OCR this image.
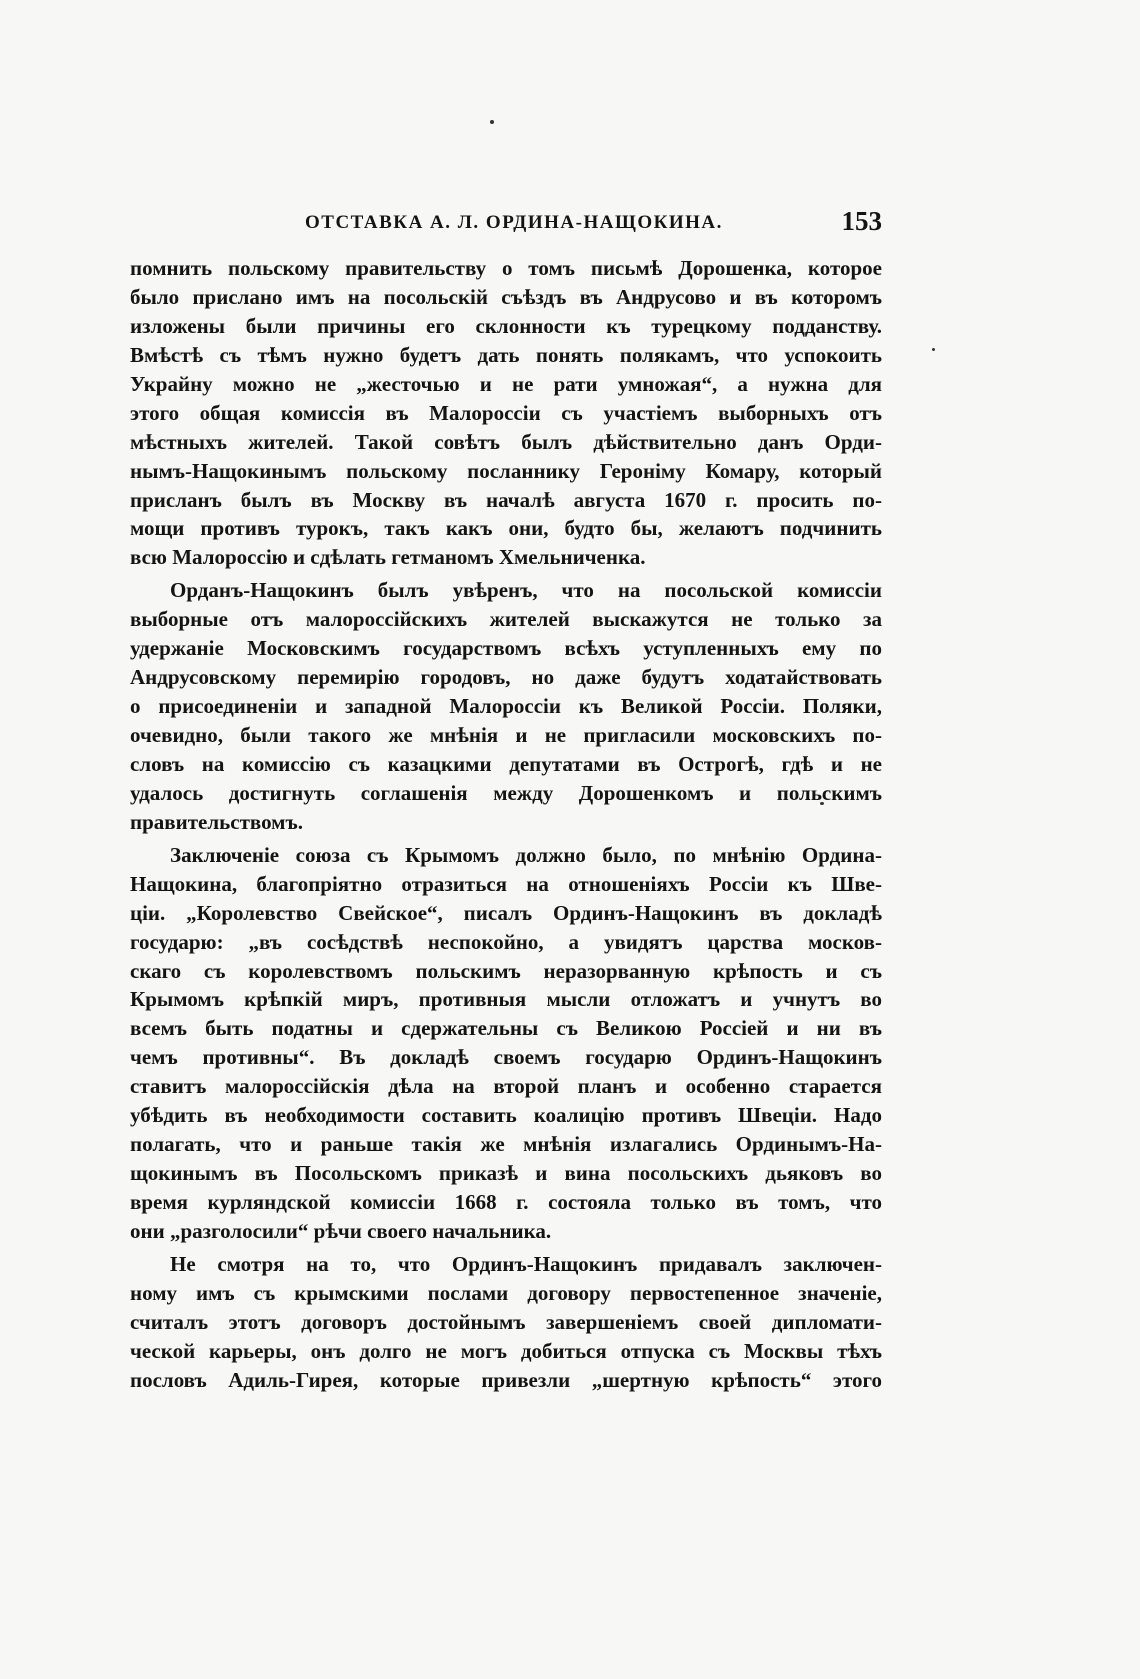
ОТСТАВКА А. Л. ОРДИНА-НАЩОКИНА.	153
помнить польскому правительству о томъ письмѣ Дорошенка, которое
было прислано имъ на посольскій съѣздъ въ Андрусово и въ которомъ
изложены были причины его склонности къ турецкому подданству.
Вмѣстѣ съ тѣмъ нужно будетъ дать понять полякамъ, что успокоить
Украйну можно не „жесточью и не рати умножая“, а нужна для
этого общая комиссія въ Малороссіи съ участіемъ выборныхъ отъ
мѣстныхъ жителей. Такой совѣтъ былъ дѣйствительно данъ Орди-
нымъ-Нащокинымъ польскому посланнику Героніму Комару, который
присланъ былъ въ Москву въ началѣ августа 1670 г. просить по-
мощи противъ турокъ, такъ какъ они, будто бы, желаютъ подчинить
всю Малороссію и сдѣлать гетманомъ Хмельниченка.
Орданъ-Нащокинъ былъ увѣренъ, что на посольской комиссіи
выборные отъ малороссійскихъ жителей выскажутся не только за
удержаніе Московскимъ государствомъ всѣхъ уступленныхъ ему по
Андрусовскому перемирію городовъ, но даже будутъ ходатайствовать
о присоединеніи и западной Малороссіи къ Великой Россіи. Поляки,
очевидно, были такого же мнѣнія и не пригласили московскихъ по-
словъ на комиссію съ казацкими депутатами въ Острогѣ, гдѣ и не
удалось достигнуть соглашенія между Дорошенкомъ и польскимъ
правительствомъ.
Заключеніе союза съ Крымомъ должно было, по мнѣнію Ордина-
Нащокина, благопріятно отразиться на отношеніяхъ Россіи къ Шве-
ціи. „Королевство Свейское“, писалъ Ординъ-Нащокинъ въ докладѣ
государю: „въ сосѣдствѣ неспокойно, а увидятъ царства москов-
скаго съ королевствомъ польскимъ неразорванную крѣпость и съ
Крымомъ крѣпкій миръ, противныя мысли отложатъ и учнутъ во
всемъ быть податны и сдержательны съ Великою Россіей и ни въ
чемъ противны“. Въ докладѣ своемъ государю Ординъ-Нащокинъ
ставитъ малороссійскія дѣла на второй планъ и особенно старается
убѣдить въ необходимости составить коалицію противъ Швеціи. Надо
полагать, что и раньше такія же мнѣнія излагались Ординымъ-На-
щокинымъ въ Посольскомъ приказѣ и вина посольскихъ дьяковъ во
время курляндской комиссіи 1668 г. состояла только въ томъ, что
они „разголосили“ рѣчи своего начальника.
Не смотря на то, что Ординъ-Нащокинъ придавалъ заключен-
ному имъ съ крымскими послами договору первостепенное значеніе,
считалъ этотъ договоръ достойнымъ завершеніемъ своей дипломати-
ческой карьеры, онъ долго не могъ добиться отпуска съ Москвы тѣхъ
пословъ Адиль-Гирея, которые привезли „шертную крѣпость“ этого
